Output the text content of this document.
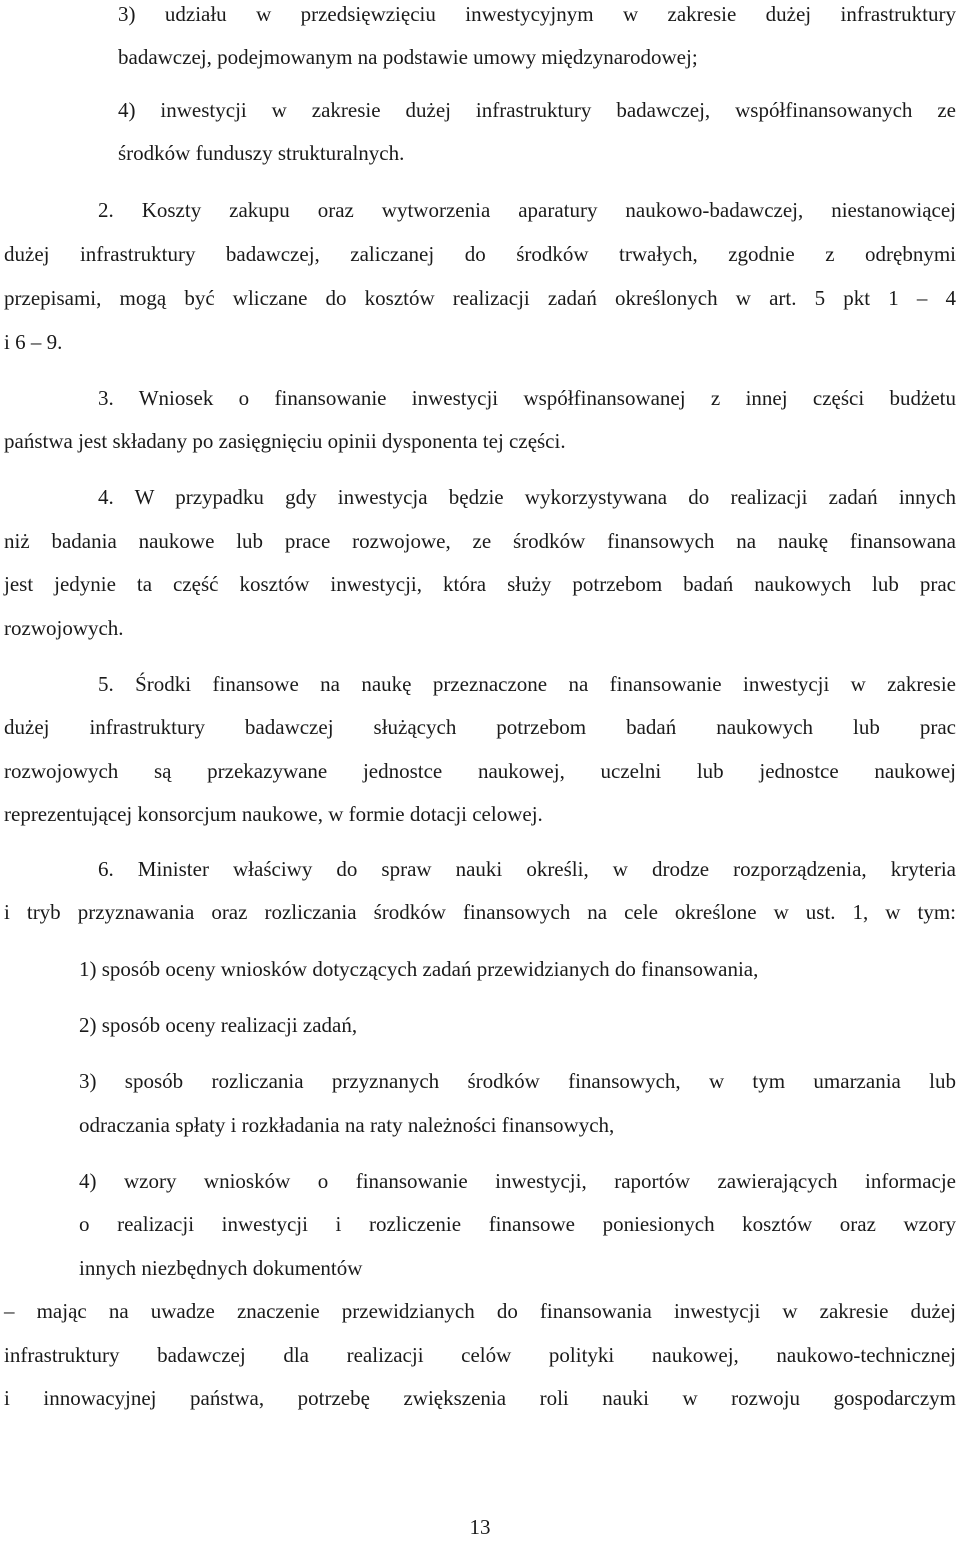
3) udziału w przedsięwzięciu inwestycyjnym w zakresie dużej infrastruktury
badawczej, podejmowanym na podstawie umowy międzynarodowej;
4) inwestycji w zakresie dużej infrastruktury badawczej, współfinansowanych ze
środków funduszy strukturalnych.
2. Koszty zakupu oraz wytworzenia aparatury naukowo-badawczej, niestanowiącej
dużej infrastruktury badawczej, zaliczanej do środków trwałych, zgodnie z odrębnymi
przepisami, mogą być wliczane do kosztów realizacji zadań określonych w art. 5 pkt 1 – 4
i 6 – 9.
3. Wniosek o finansowanie inwestycji współfinansowanej z innej części budżetu
państwa jest składany po zasięgnięciu opinii dysponenta tej części.
4. W przypadku gdy inwestycja będzie wykorzystywana do realizacji zadań innych
niż badania naukowe lub prace rozwojowe, ze środków finansowych na naukę finansowana
jest jedynie ta część kosztów inwestycji, która służy potrzebom badań naukowych lub prac
rozwojowych.
5. Środki finansowe na naukę przeznaczone na finansowanie inwestycji w zakresie
dużej infrastruktury badawczej służących potrzebom badań naukowych lub prac
rozwojowych są przekazywane jednostce naukowej, uczelni lub jednostce naukowej
reprezentującej konsorcjum naukowe, w formie dotacji celowej.
6. Minister właściwy do spraw nauki określi, w drodze rozporządzenia, kryteria
i tryb przyznawania oraz rozliczania środków finansowych na cele określone w ust. 1, w tym:
1) sposób oceny wniosków dotyczących zadań przewidzianych do finansowania,
2) sposób oceny realizacji zadań,
3) sposób rozliczania przyznanych środków finansowych, w tym umarzania lub
odraczania spłaty i rozkładania na raty należności finansowych,
4) wzory wniosków o finansowanie inwestycji, raportów zawierających informacje
o realizacji inwestycji i rozliczenie finansowe poniesionych kosztów oraz wzory
innych niezbędnych dokumentów
– mając na uwadze znaczenie przewidzianych do finansowania inwestycji w zakresie dużej
infrastruktury badawczej dla realizacji celów polityki naukowej, naukowo-technicznej
i innowacyjnej państwa, potrzebę zwiększenia roli nauki w rozwoju gospodarczym
13
